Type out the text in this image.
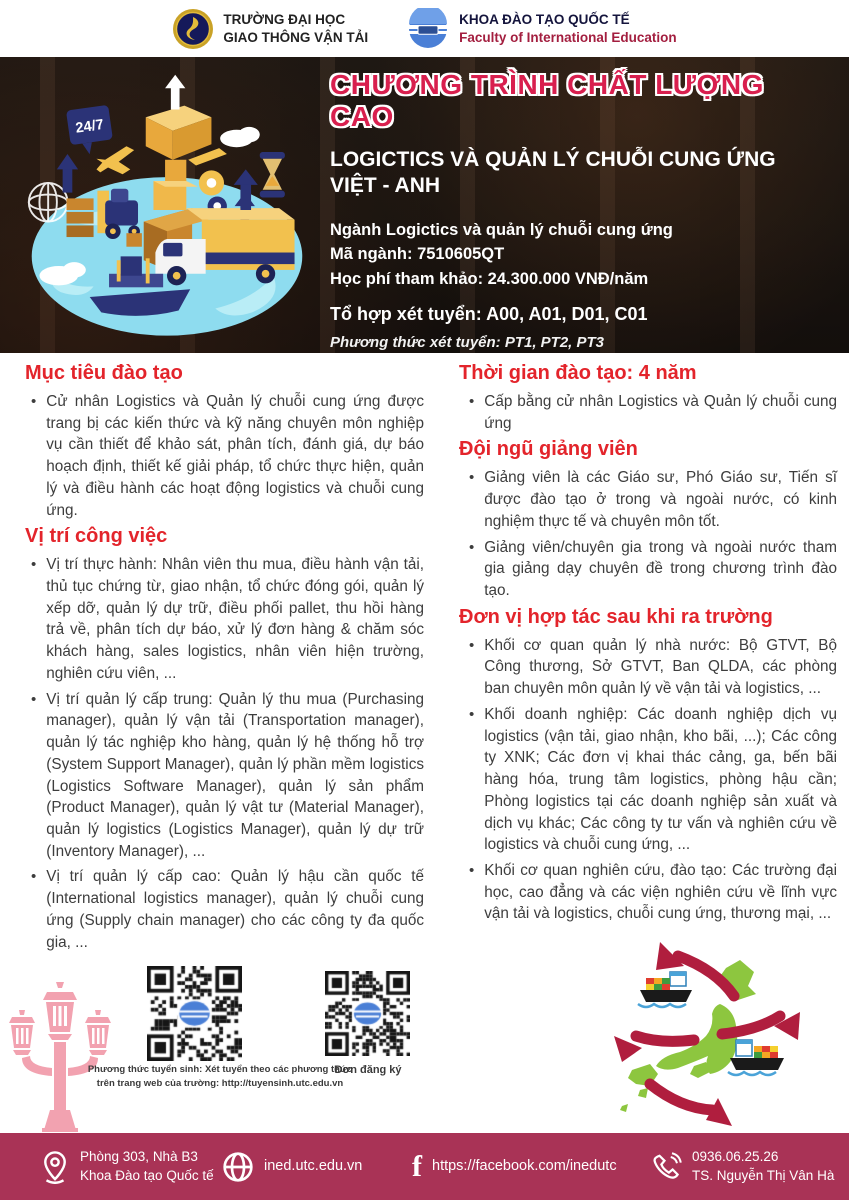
TRƯỜNG ĐẠI HỌC
GIAO THÔNG VẬN TẢI
KHOA ĐÀO TẠO QUỐC TẾ
Faculty of International Education
24/7
CHƯƠNG TRÌNH CHẤT LƯỢNG CAO
LOGICTICS VÀ QUẢN LÝ CHUỖI CUNG ỨNG VIỆT - ANH
Ngành Logictics và quản lý chuỗi cung ứng
Mã ngành: 7510605QT
Học phí tham khảo: 24.300.000 VNĐ/năm
Tổ hợp xét tuyển: A00, A01, D01, C01
Phương thức xét tuyển: PT1, PT2, PT3
Mục tiêu đào tạo
• Cử nhân Logistics và Quản lý chuỗi cung ứng được trang bị các kiến thức và kỹ năng chuyên môn nghiệp vụ cần thiết để khảo sát, phân tích, đánh giá, dự báo hoạch định, thiết kế giải pháp, tổ chức thực hiện, quản lý và điều hành các hoạt động logistics và chuỗi cung ứng.
Vị trí công việc
• Vị trí thực hành: Nhân viên thu mua, điều hành vận tải, thủ tục chứng từ, giao nhận, tổ chức đóng gói, quản lý xếp dỡ, quản lý dự trữ, điều phối pallet, thu hồi hàng trả về, phân tích dự báo, xử lý đơn hàng & chăm sóc khách hàng, sales logistics, nhân viên hiện trường, nghiên cứu viên, ...
• Vị trí quản lý cấp trung: Quản lý thu mua (Purchasing manager), quản lý vận tải (Transportation manager), quản lý tác nghiệp kho hàng, quản lý hệ thống hỗ trợ (System Support Manager), quản lý phần mềm logistics (Logistics Software Manager), quản lý sản phẩm (Product Manager), quản lý vật tư (Material Manager), quản lý logistics (Logistics Manager), quản lý dự trữ (Inventory Manager), ...
• Vị trí quản lý cấp cao: Quản lý hậu cần quốc tế (International logistics manager), quản lý chuỗi cung ứng (Supply chain manager) cho các công ty đa quốc gia, ...
Thời gian đào tạo: 4 năm
• Cấp bằng cử nhân Logistics và Quản lý chuỗi cung ứng
Đội ngũ giảng viên
• Giảng viên là các Giáo sư, Phó Giáo sư, Tiến sĩ được đào tạo ở trong và ngoài nước, có kinh nghiệm thực tế và chuyên môn tốt.
• Giảng viên/chuyên gia trong và ngoài nước tham gia giảng dạy chuyên đề trong chương trình đào tạo.
Đơn vị hợp tác sau khi ra trường
• Khối cơ quan quản lý nhà nước: Bộ GTVT, Bộ Công thương, Sở GTVT, Ban QLDA, các phòng ban chuyên môn quản lý về vận tải và logistics, ...
• Khối doanh nghiệp: Các doanh nghiệp dịch vụ logistics (vận tải, giao nhận, kho bãi, ...); Các công ty XNK; Các đơn vị khai thác cảng, ga, bến bãi hàng hóa, trung tâm logistics, phòng hậu cần; Phòng logistics tại các doanh nghiệp sản xuất và dịch vụ khác; Các công ty tư vấn và nghiên cứu về logistics và chuỗi cung ứng, ...
• Khối cơ quan nghiên cứu, đào tạo: Các trường đại học, cao đẳng và các viện nghiên cứu về lĩnh vực vận tải và logistics, chuỗi cung ứng, thương mại, ...
Phương thức tuyển sinh: Xét tuyển theo các phương thức
trên trang web của trường: http://tuyensinh.utc.edu.vn
Đơn đăng ký
Phòng 303, Nhà B3
Khoa Đào tạo Quốc tế
ined.utc.edu.vn f https://facebook.com/inedutc
0936.06.25.26
TS. Nguyễn Thị Vân Hà
